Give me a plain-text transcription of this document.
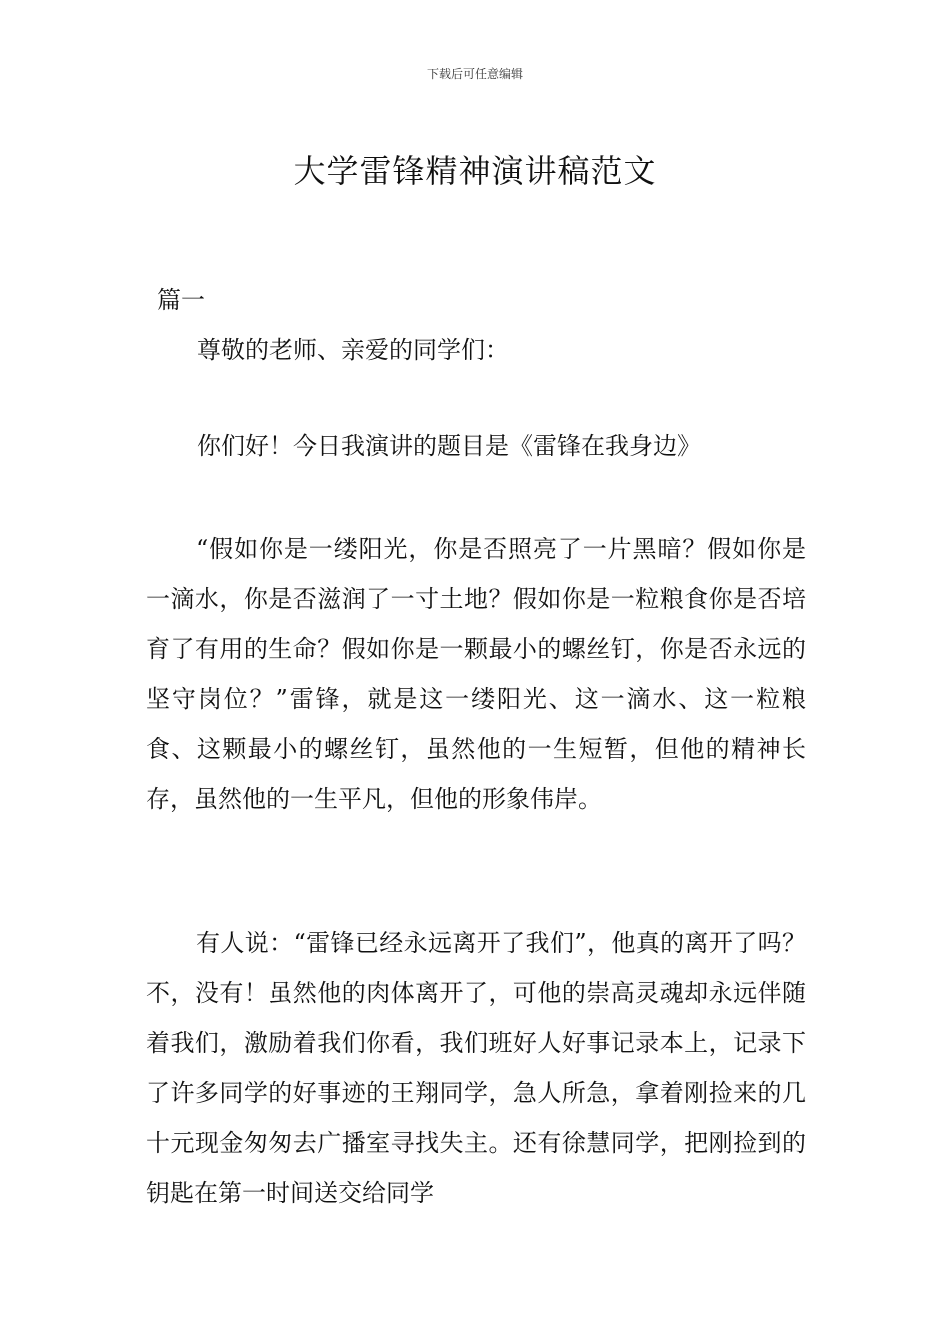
下载后可任意编辑
大学雷锋精神演讲稿范文
篇一
尊敬的老师、亲爱的同学们：
你们好！今日我演讲的题目是《雷锋在我身边》

“假如你是一缕阳光，你是否照亮了一片黑暗？假如你是一滴水，你是否滋润了一寸土地？假如你是一粒粮食你是否培育了有用的生命？假如你是一颗最小的螺丝钉，你是否永远的坚守岗位？”雷锋，就是这一缕阳光、这一滴水、这一粒粮食、这颗最小的螺丝钉，虽然他的一生短暂，但他的精神长存，虽然他的一生平凡，但他的形象伟岸。

有人说：“雷锋已经永远离开了我们”，他真的离开了吗？不，没有！虽然他的肉体离开了，可他的崇高灵魂却永远伴随着我们，激励着我们你看，我们班好人好事记录本上，记录下了许多同学的好事迹的王翔同学，急人所急，拿着刚捡来的几十元现金匆匆去广播室寻找失主。还有徐慧同学，把刚捡到的钥匙在第一时间送交给同学
